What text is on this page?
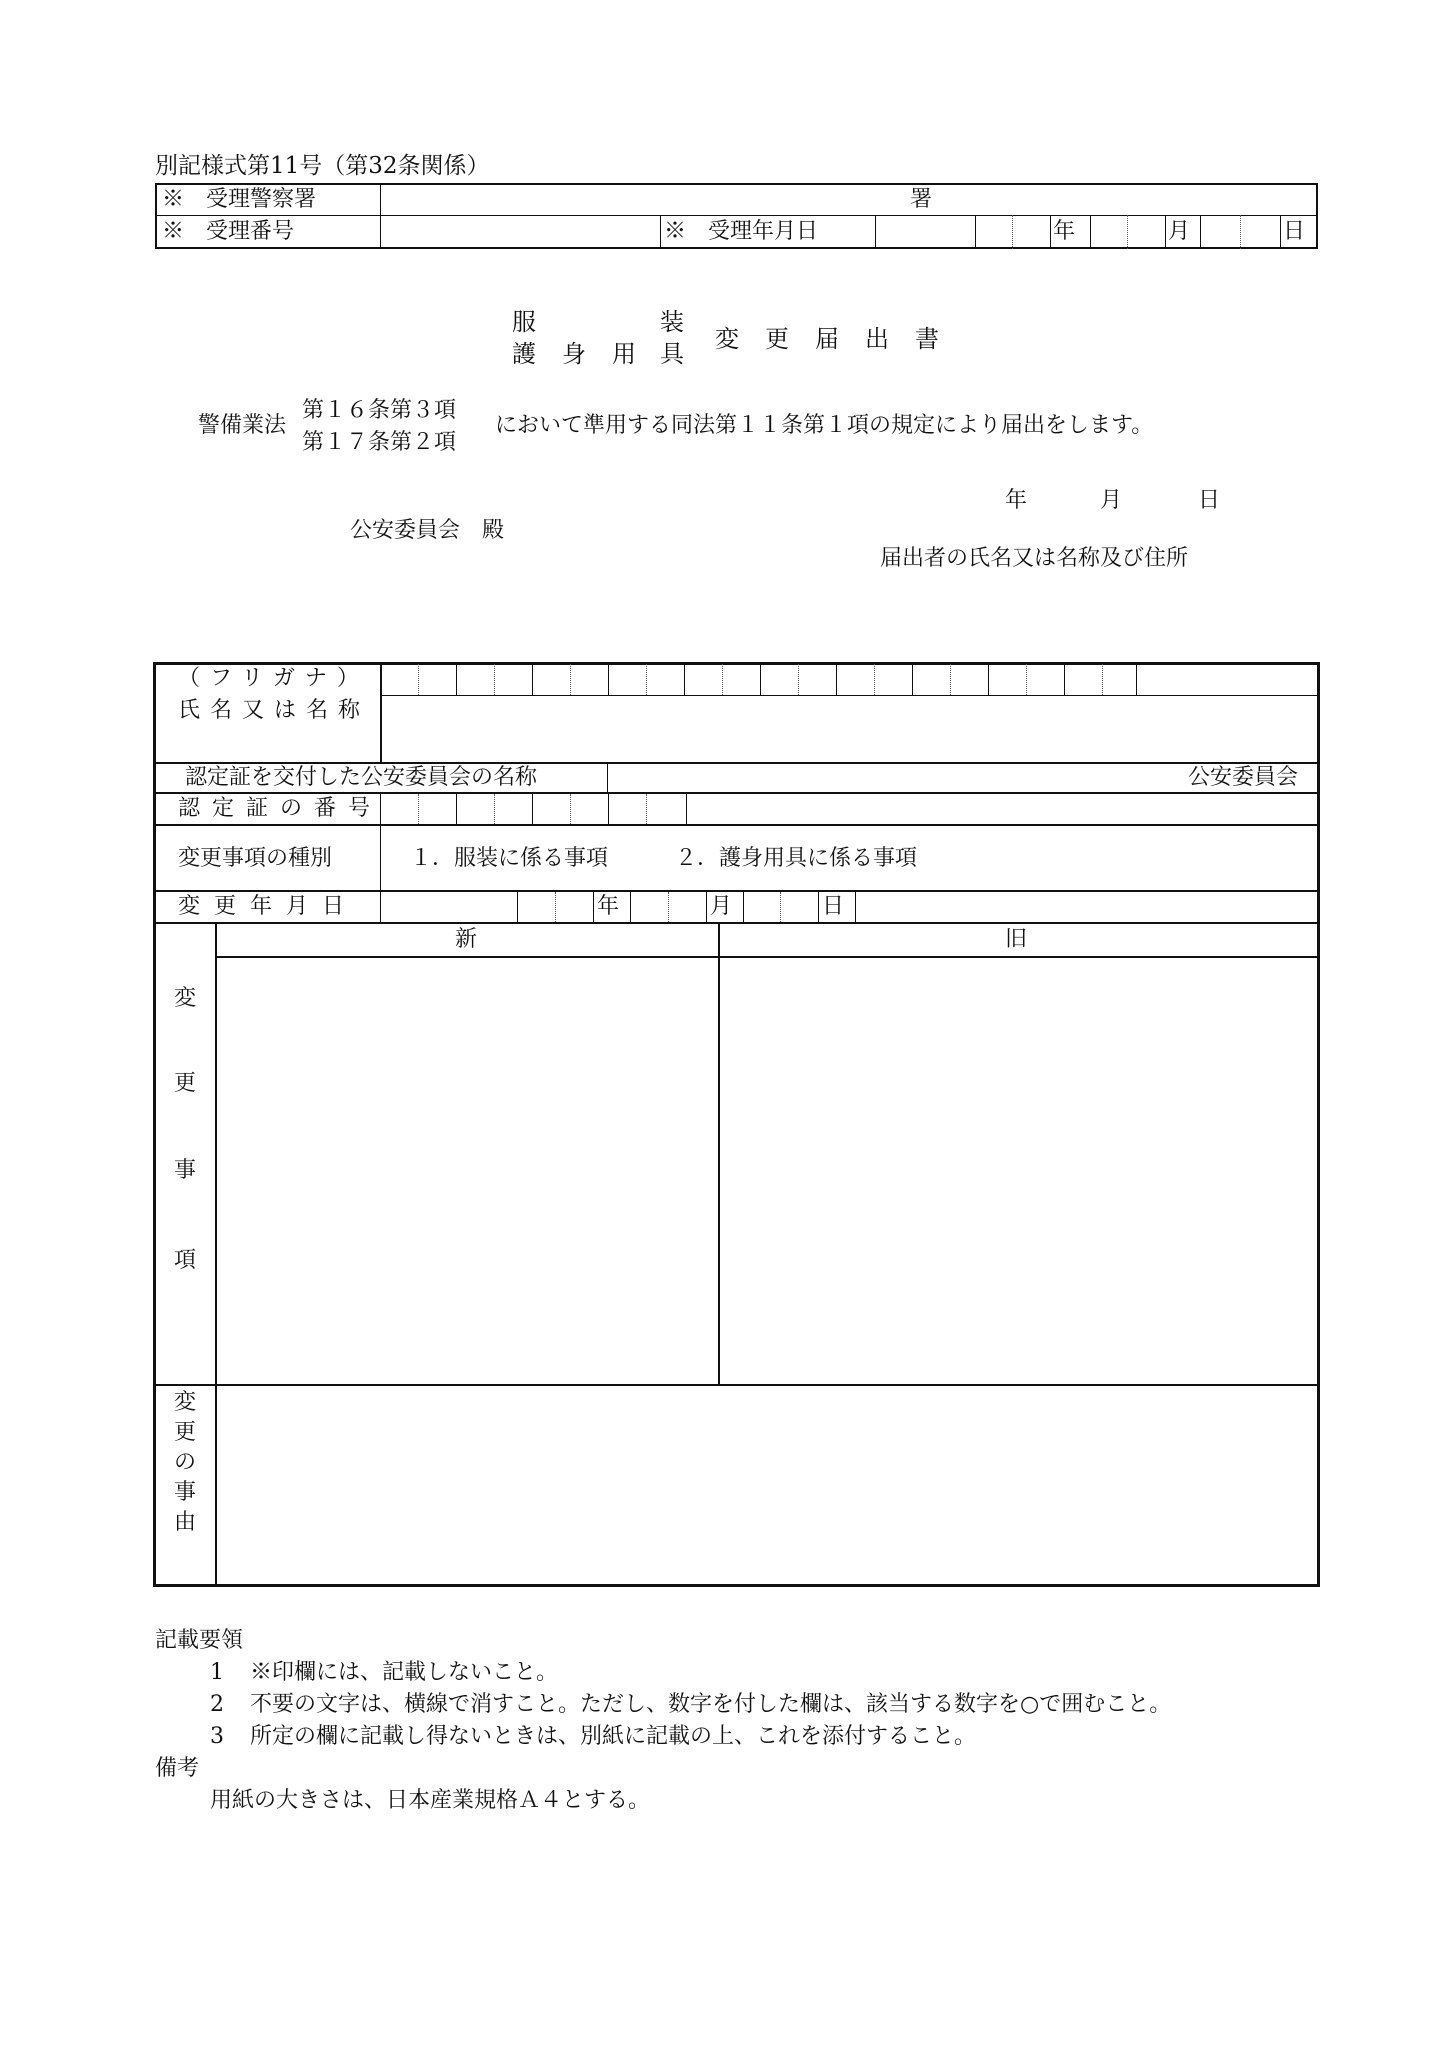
別記様式第11号（第32条関係）
※　受理警察署	署
※　受理番号	※　受理年月日	年	月	日
服	装
護 身 用 具
変 更 届 出 書
警備業法
第１６条第３項
第１７条第２項
において準用する同法第１１条第１項の規定により届出をします。
年	月	日
公安委員会　殿
届出者の氏名又は名称及び住所
（フリガナ）
氏名又は名称
認定証を交付した公安委員会の名称	公安委員会
認定証の番号
変更事項の種別	１．服装に係る事項	２．護身用具に係る事項
変更年月日	年	月	日
新	旧
変
更
事
項
変
更
の
事
由
記載要領
1 ※印欄には、記載しないこと。
2 不要の文字は、横線で消すこと。ただし、数字を付した欄は、該当する数字を○で囲むこと。
3 所定の欄に記載し得ないときは、別紙に記載の上、これを添付すること。
備考
用紙の大きさは、日本産業規格Ａ４とする。
